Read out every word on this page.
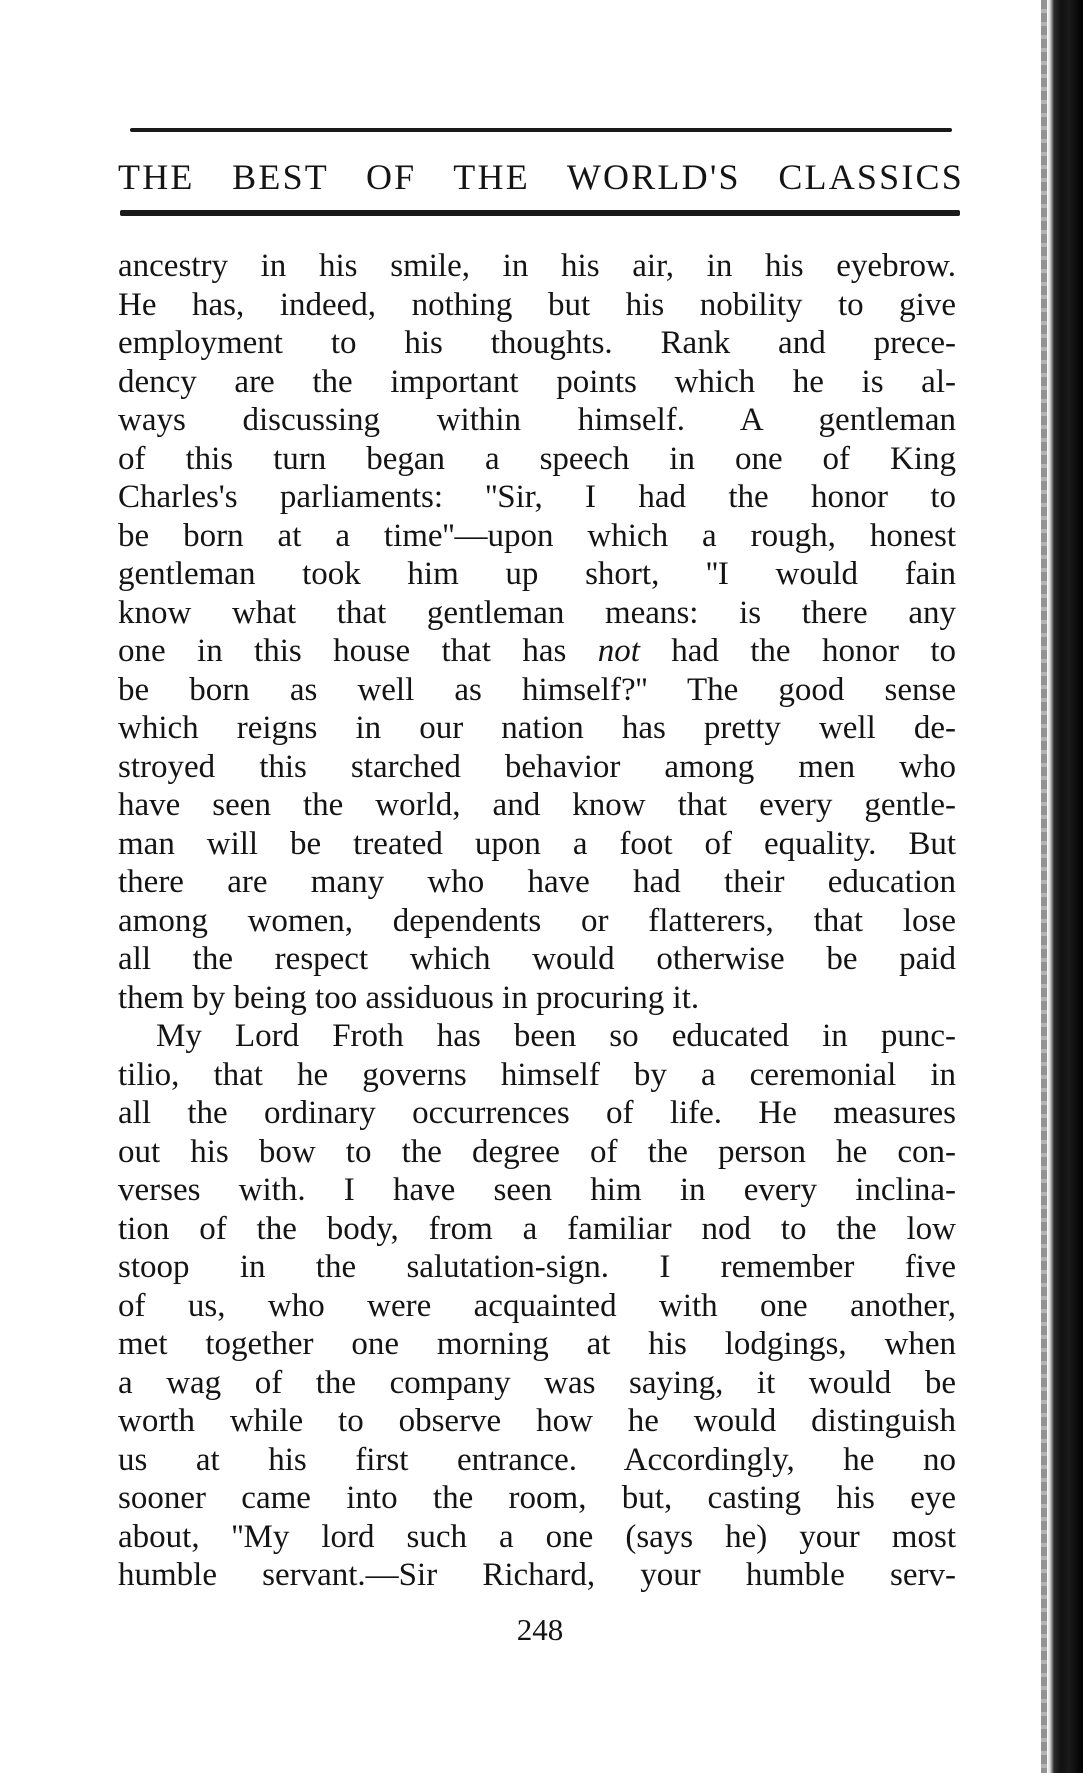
THE BEST OF THE WORLD'S CLASSICS
ancestry in his smile, in his air, in his eyebrow.
He has, indeed, nothing but his nobility to give
employment to his thoughts. Rank and prece-
dency are the important points which he is al-
ways discussing within himself. A gentleman
of this turn began a speech in one of King
Charles's parliaments: ''Sir, I had the honor to
be born at a time''—upon which a rough, honest
gentleman took him up short, ''I would fain
know what that gentleman means: is there any
one in this house that has not had the honor to
be born as well as himself?'' The good sense
which reigns in our nation has pretty well de-
stroyed this starched behavior among men who
have seen the world, and know that every gentle-
man will be treated upon a foot of equality. But
there are many who have had their education
among women, dependents or flatterers, that lose
all the respect which would otherwise be paid
them by being too assiduous in procuring it.
My Lord Froth has been so educated in punc-
tilio, that he governs himself by a ceremonial in
all the ordinary occurrences of life. He measures
out his bow to the degree of the person he con-
verses with. I have seen him in every inclina-
tion of the body, from a familiar nod to the low
stoop in the salutation-sign. I remember five
of us, who were acquainted with one another,
met together one morning at his lodgings, when
a wag of the company was saying, it would be
worth while to observe how he would distinguish
us at his first entrance. Accordingly, he no
sooner came into the room, but, casting his eye
about, ''My lord such a one (says he) your most
humble servant.—Sir Richard, your humble serv-
248
